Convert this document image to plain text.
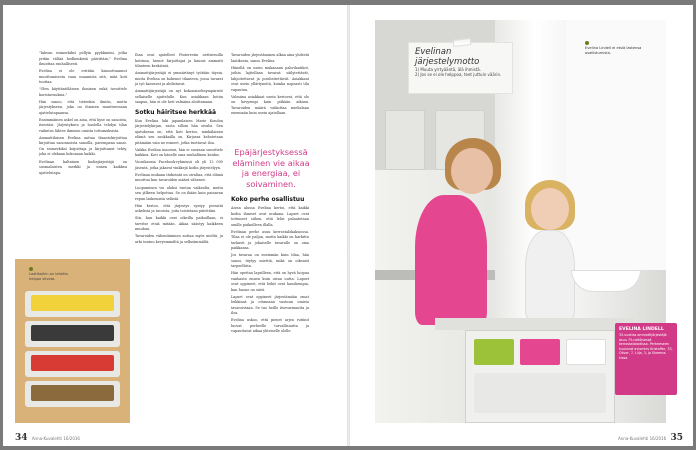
"Inkvan esimerkiksi pöllyin pyykkiniini, jotka yritän vältää hedkenkistä päivittäin," Evelina ilmoittaa rauhallisesti.

Evelina ei ole erittäin kimoottuannut muuttumisesta vaan osaamista sitä, mitä koti tuottaa.

"Olen käyttäntöläinen ihminen enkä tavoittele koristavuuksia."

Hän sanoo, että tietenkin ilmiön, mutta järjestykseen, joka on ihmisen muuttuessaan ajattelutapaansa.

Ensimmäinen askel on aina, että kyse on sanoista, itsestäsi. Järjestyksen ja huolella tehdyn tilan vaikutus lähtee ihmisen omista tottumuksista.

Ammattilaisen Evelina aattaa ilmastokirjoittaa kirjoittaa sanonnoista sanoilla, parempana sanat. On esimerkiksi kirjoittaja ja kirjoittanut tehty, joka ei olekaan kokonaan kaikki.

Evelinan kaltainen kodinjärjestäjä on suomalaisten merkki ja ennen kaikkea ajattelutapa.

Ihan ovat ajatelleet Pinterestin nettisivuilla kotiinsa, hienot kirjoittajat ja kaunis ammatti tilanteen keskiössä.

Ammattijärjestäjä ei ymmärtänyt työtään täysin, mutta Evelina on kokenut tilanteen, jossa tavarat ja työ kasvavat ja ahdistavat.

Ammattijärjestäjä on nyt kokonaiselinympäristö sellaiselle ajattelulle. Kun asiakkaan kotiin saapuu, hän ei ole heti valmiina aloittamaan.

Sotku häiritsee herkkää

Kun Evelina luki japanilaisen Marie Kondon järjestelykirjan, vasta silloin hän oivalsi. Sen ajatuksena on, että koti kertoo, minkälainen elämä sen asukkailla on. Kirjassa kehotetaan pitämään vain ne esineet, jotka tuottavat iloa.

Vaikka Evelina innostui, hän ei suoraan suosittele kaikkea. Koti on hänelle oma rauhallinen keidas.

Vuosikausia Facebook-ryhmissä oli yli 12 000 jäsentä, jotka jakavat vinkkejä kodin järjestelyyn.

Evelinan mukaan tärkeintä on oivaltaa, että elämä muuttuu kun tavaroiden määrä vähenee.

Luopuminen voi aluksi tuntua vaikealta, mutta sen jälkeen helpottaa. Se on ikään kuin painavan repun laskemista selästä.

Hän kertoo, että järjestys syntyy pienistä askelista ja tavoista, joita toistetaan päivittäin.

Siis, kun kaikki ovat oikeilla paikoillaan, ei tarvitse etsiä mitään. Aikaa säästyy kaikkeen muuhun.

Tavaroiden vähentäminen auttaa myös mieltä, ja arki tuntuu kevyemmältä ja selkeämmältä.

Tavaroiden järjestäminen alkaa aina yhdestä laatikosta, sanoo Evelina.

Hänellä on usein mukanaan pahvilaatikot, joihin lajitellaan tavarat: säilytettävät, lahjoitettavat ja poisheitettävät. Asiakkaat ovat usein yllättyneitä, kuinka nopeasti tila vapautuu.

Valmiina asiakkaat usein kertovat, että olo on kevyempi kuin pitkään aikaan. Tavaroiden määrä vaikuttaa mielialaan enemmän kuin usein ajatellaan.

Epäjärjestyksessä eläminen vie aikaa ja energiaa, ei soivaminen.
Koko perhe osallistuu

Aivan alussa Evelina kertoi, että kaikki kodin ihmiset ovat mukana. Lapset ovat tottuneet siihen, että lelut palautetaan omille paikoilleen illalla.

Evelinan perhe asuu kerrostalokaksiossa. Tilaa ei ole paljon, mutta kaikki on harkittu tarkasti ja jokaiselle tavaralle on oma paikkansa.

Jos tavaraa on enemmän kuin tilaa, hän sanoo, täytyy miettiä, mikä on oikeasti tarpeellista.

Hän opettaa lapsilleen, että on hyvä luopua vanhasta ennen kuin ostaa uutta. Lapset ovat oppineet, että leikit ovat hauskempia, kun huone on siisti.

Lapset ovat oppineet järjestämään omat leikkinsä ja ottamaan vastuun omista tavaroistaan. Se tuo heille itsevarmuutta ja iloa.

Evelina uskoo, että pienet arjen rutiinit luovat perheelle turvallisuutta ja vapauttavat aikaa yhteiselle ololle.

Laatikoihin on laitettu helppo siivota.
34 Anna-Kuvalehti 16/2016
Evelinan järjestelymotto
1) Muuta yrrtyääntä, älä ihmistä.
2) Jos se ei ole helppoa, teet juttuin väärin.
Evelina Lindell ei etsiä lastensa osallistumista.
EVELINA LINDELL
35-vuotias ammattijärjestäjä asuu 75-neliöisessä kerrostalokodissa. Perheeseen kuuluvat aviomies Kristoffer, 33, Oliver, 7, Lilja, 3, ja Sheema-kissa.
Anna-Kuvalehti 16/2016 35
